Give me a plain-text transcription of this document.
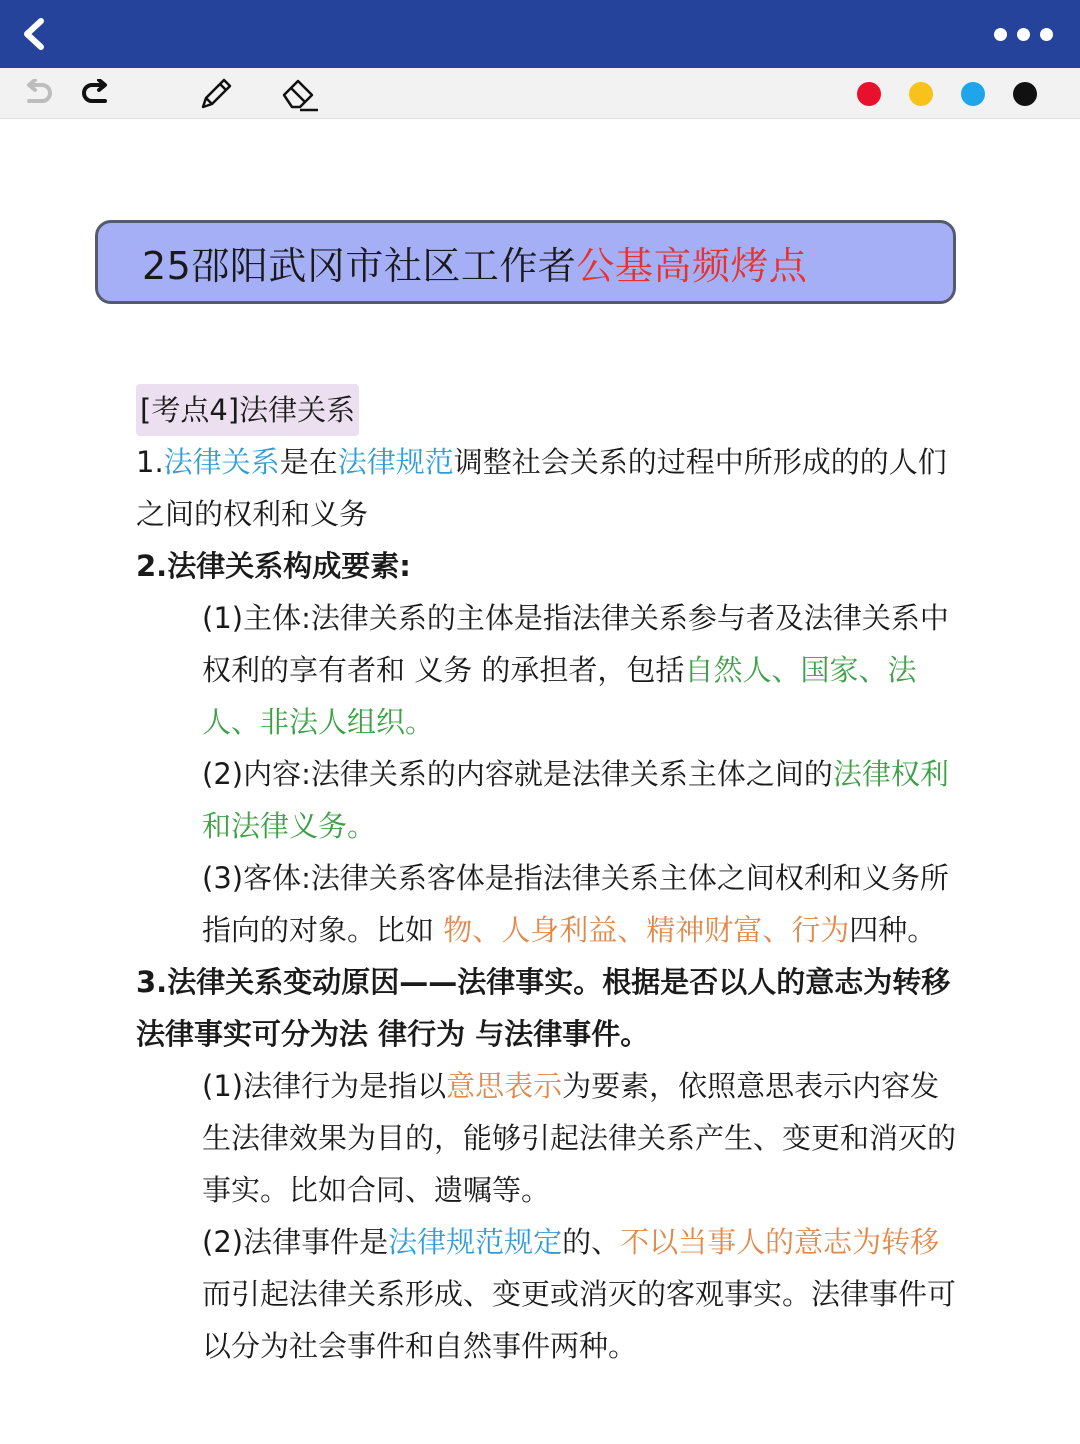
25邵阳武冈市社区工作者公基高频烤点

[考点4]法律关系

1.法律关系是在法律规范调整社会关系的过程中所形成的的人们之间的权利和义务

2.法律关系构成要素:

(1)主体:法律关系的主体是指法律关系参与者及法律关系中权利的享有者和 义务 的承担者，包括自然人、国家、法人、非法人组织。

(2)内容:法律关系的内容就是法律关系主体之间的法律权利和法律义务。

(3)客体:法律关系客体是指法律关系主体之间权利和义务所指向的对象。比如 物、人身利益、精神财富、行为四种。

3.法律关系变动原因——法律事实。根据是否以人的意志为转移法律事实可分为法 律行为 与法律事件。

(1)法律行为是指以意思表示为要素，依照意思表示内容发生法律效果为目的，能够引起法律关系产生、变更和消灭的事实。比如合同、遗嘱等。

(2)法律事件是法律规范规定的、不以当事人的意志为转移而引起法律关系形成、变更或消灭的客观事实。法律事件可以分为社会事件和自然事件两种。
